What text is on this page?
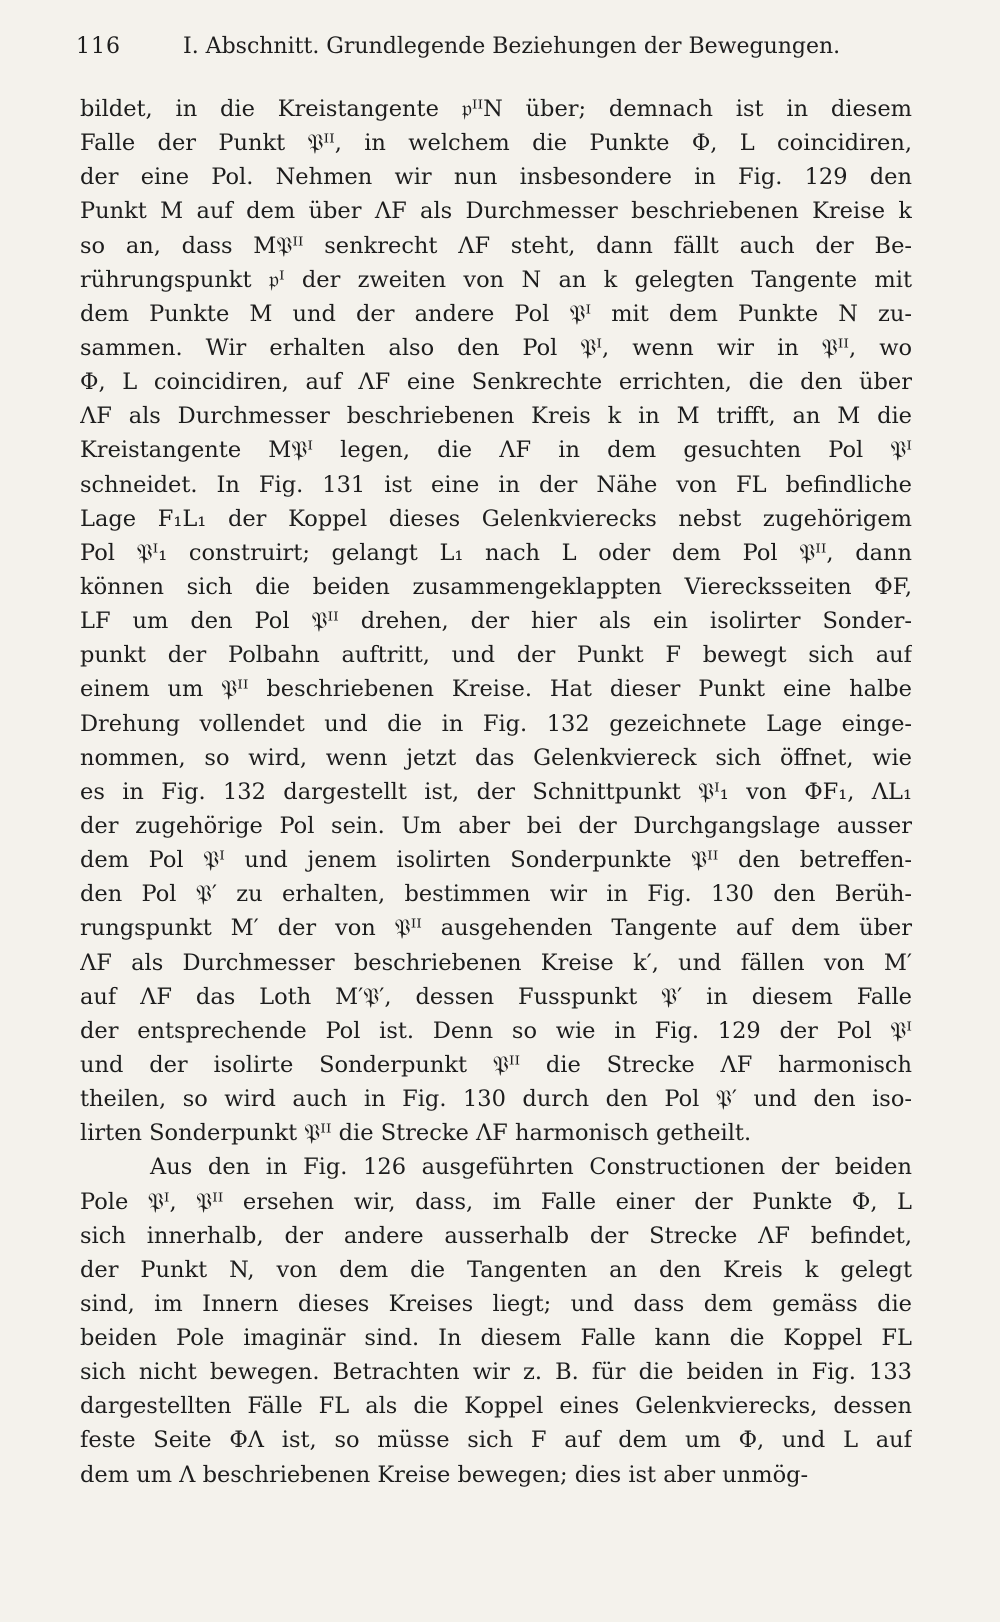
116	I. Abschnitt. Grundlegende Beziehungen der Bewegungen.
bildet, in die Kreistangente 𝔭ᴵᴵN über; demnach ist in diesem
Falle der Punkt 𝔓ᴵᴵ, in welchem die Punkte Φ, L coincidiren,
der eine Pol. Nehmen wir nun insbesondere in Fig. 129 den
Punkt M auf dem über ΛF als Durchmesser beschriebenen Kreise k
so an, dass M𝔓ᴵᴵ senkrecht ΛF steht, dann fällt auch der Be-
rührungspunkt 𝔭ᴵ der zweiten von N an k gelegten Tangente mit
dem Punkte M und der andere Pol 𝔓ᴵ mit dem Punkte N zu-
sammen. Wir erhalten also den Pol 𝔓ᴵ, wenn wir in 𝔓ᴵᴵ, wo
Φ, L coincidiren, auf ΛF eine Senkrechte errichten, die den über
ΛF als Durchmesser beschriebenen Kreis k in M trifft, an M die
Kreistangente M𝔓ᴵ legen, die ΛF in dem gesuchten Pol 𝔓ᴵ
schneidet. In Fig. 131 ist eine in der Nähe von FL befindliche
Lage F₁L₁ der Koppel dieses Gelenkvierecks nebst zugehörigem
Pol 𝔓ᴵ₁ construirt; gelangt L₁ nach L oder dem Pol 𝔓ᴵᴵ, dann
können sich die beiden zusammengeklappten Vierecksseiten ΦF,
LF um den Pol 𝔓ᴵᴵ drehen, der hier als ein isolirter Sonder-
punkt der Polbahn auftritt, und der Punkt F bewegt sich auf
einem um 𝔓ᴵᴵ beschriebenen Kreise. Hat dieser Punkt eine halbe
Drehung vollendet und die in Fig. 132 gezeichnete Lage einge-
nommen, so wird, wenn jetzt das Gelenkviereck sich öffnet, wie
es in Fig. 132 dargestellt ist, der Schnittpunkt 𝔓ᴵ₁ von ΦF₁, ΛL₁
der zugehörige Pol sein. Um aber bei der Durchgangslage ausser
dem Pol 𝔓ᴵ und jenem isolirten Sonderpunkte 𝔓ᴵᴵ den betreffen-
den Pol 𝔓′ zu erhalten, bestimmen wir in Fig. 130 den Berüh-
rungspunkt M′ der von 𝔓ᴵᴵ ausgehenden Tangente auf dem über
ΛF als Durchmesser beschriebenen Kreise k′, und fällen von M′
auf ΛF das Loth M′𝔓′, dessen Fusspunkt 𝔓′ in diesem Falle
der entsprechende Pol ist. Denn so wie in Fig. 129 der Pol 𝔓ᴵ
und der isolirte Sonderpunkt 𝔓ᴵᴵ die Strecke ΛF harmonisch
theilen, so wird auch in Fig. 130 durch den Pol 𝔓′ und den iso-
lirten Sonderpunkt 𝔓ᴵᴵ die Strecke ΛF harmonisch getheilt.
Aus den in Fig. 126 ausgeführten Constructionen der beiden
Pole 𝔓ᴵ, 𝔓ᴵᴵ ersehen wir, dass, im Falle einer der Punkte Φ, L
sich innerhalb, der andere ausserhalb der Strecke ΛF befindet,
der Punkt N, von dem die Tangenten an den Kreis k gelegt
sind, im Innern dieses Kreises liegt; und dass dem gemäss die
beiden Pole imaginär sind. In diesem Falle kann die Koppel FL
sich nicht bewegen. Betrachten wir z. B. für die beiden in Fig. 133
dargestellten Fälle FL als die Koppel eines Gelenkvierecks, dessen
feste Seite ΦΛ ist, so müsse sich F auf dem um Φ, und L auf
dem um Λ beschriebenen Kreise bewegen; dies ist aber unmög-
